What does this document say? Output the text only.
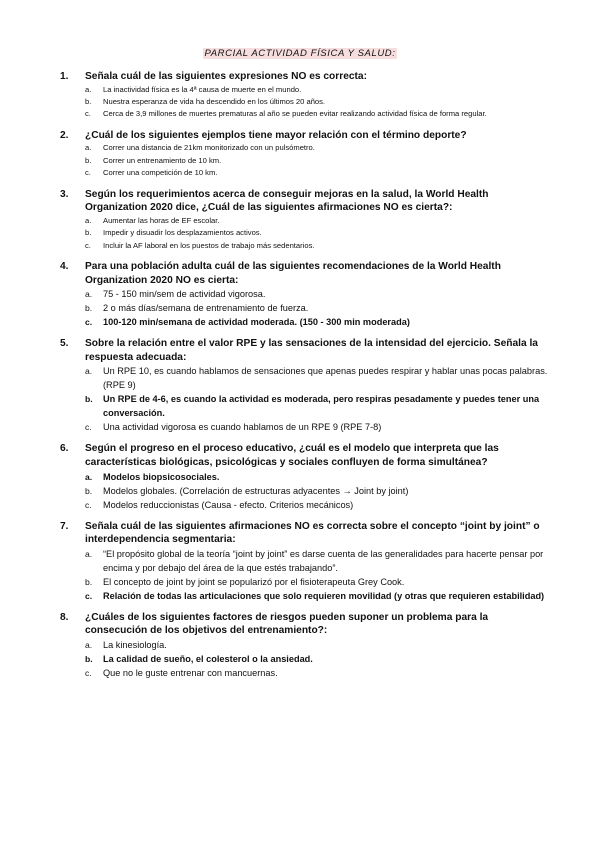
PARCIAL ACTIVIDAD FÍSICA Y SALUD:
1.	Señala cuál de las siguientes expresiones NO es correcta:
a.	La inactividad física es la 4ª causa de muerte en el mundo.
b.	Nuestra esperanza de vida ha descendido en los últimos 20 años.
c.	Cerca de 3,9 millones de muertes prematuras al año se pueden evitar realizando actividad física de forma regular.
2.	¿Cuál de los siguientes ejemplos tiene mayor relación con el término deporte?
a.	Correr una distancia de 21km monitorizado con un pulsómetro.
b.	Correr un entrenamiento de 10 km.
c.	Correr una competición de 10 km.
3.	Según los requerimientos acerca de conseguir mejoras en la salud, la World Health Organization 2020 dice, ¿Cuál de las siguientes afirmaciones NO es cierta?:
a.	Aumentar las horas de EF escolar.
b.	Impedir y disuadir los desplazamientos activos.
c.	Incluir la AF laboral en los puestos de trabajo más sedentarios.
4.	Para una población adulta cuál de las siguientes recomendaciones de la World Health Organization 2020 NO es cierta:
a.	75 - 150 min/sem de actividad vigorosa.
b.	2 o más días/semana de entrenamiento de fuerza.
c.	100-120 min/semana de actividad moderada. (150 - 300 min moderada)
5.	Sobre la relación entre el valor RPE y las sensaciones de la intensidad del ejercicio. Señala la respuesta adecuada:
a.	Un RPE 10, es cuando hablamos de sensaciones que apenas puedes respirar y hablar unas pocas palabras. (RPE 9)
b.	Un RPE de 4-6, es cuando la actividad es moderada, pero respiras pesadamente y puedes tener una conversación.
c.	Una actividad vigorosa es cuando hablamos de un RPE 9 (RPE 7-8)
6.	Según el progreso en el proceso educativo, ¿cuál es el modelo que interpreta que las características biológicas, psicológicas y sociales confluyen de forma simultánea?
a.	Modelos biopsicosociales.
b.	Modelos globales. (Correlación de estructuras adyacentes → Joint by joint)
c.	Modelos reduccionistas (Causa - efecto. Criterios mecánicos)
7.	Señala cuál de las siguientes afirmaciones NO es correcta sobre el concepto “joint by joint” o interdependencia segmentaria:
a.	“El propósito global de la teoría “joint by joint” es darse cuenta de las generalidades para hacerte pensar por encima y por debajo del área de la que estés trabajando”.
b.	El concepto de joint by joint se popularizó por el fisioterapeuta Grey Cook.
c.	Relación de todas las articulaciones que solo requieren movilidad (y otras que requieren estabilidad)
8.	¿Cuáles de los siguientes factores de riesgos pueden suponer un problema para la consecución de los objetivos del entrenamiento?:
a.	La kinesiología.
b.	La calidad de sueño, el colesterol o la ansiedad.
c.	Que no le guste entrenar con mancuernas.
